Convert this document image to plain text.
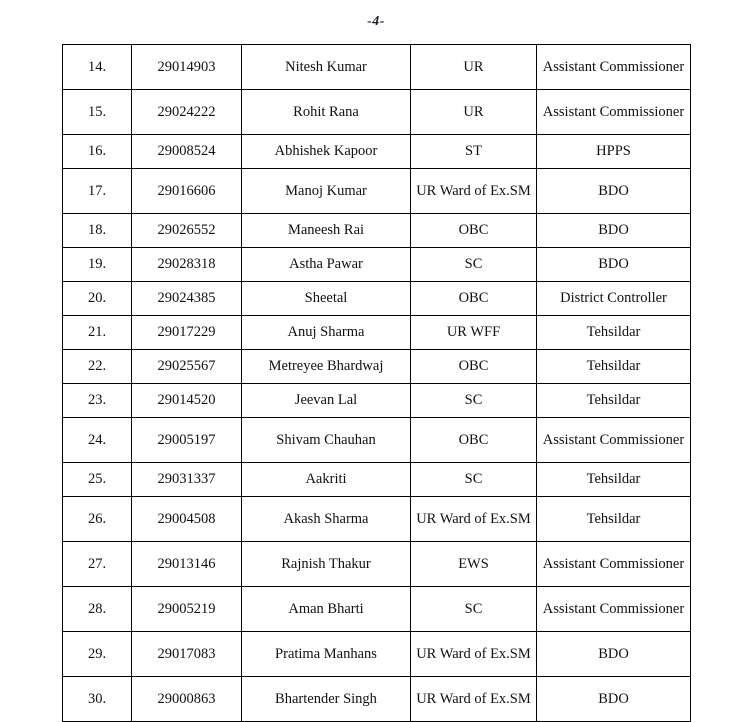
-4-
14.	29014903	Nitesh Kumar	UR	Assistant Commissioner
15.	29024222	Rohit Rana	UR	Assistant Commissioner
16.	29008524	Abhishek Kapoor	ST	HPPS
17.	29016606	Manoj Kumar	UR Ward of Ex.SM	BDO
18.	29026552	Maneesh Rai	OBC	BDO
19.	29028318	Astha Pawar	SC	BDO
20.	29024385	Sheetal	OBC	District Controller
21.	29017229	Anuj Sharma	UR WFF	Tehsildar
22.	29025567	Metreyee Bhardwaj	OBC	Tehsildar
23.	29014520	Jeevan Lal	SC	Tehsildar
24.	29005197	Shivam Chauhan	OBC	Assistant Commissioner
25.	29031337	Aakriti	SC	Tehsildar
26.	29004508	Akash Sharma	UR Ward of Ex.SM	Tehsildar
27.	29013146	Rajnish Thakur	EWS	Assistant Commissioner
28.	29005219	Aman Bharti	SC	Assistant Commissioner
29.	29017083	Pratima Manhans	UR Ward of Ex.SM	BDO
30.	29000863	Bhartender Singh	UR Ward of Ex.SM	BDO
